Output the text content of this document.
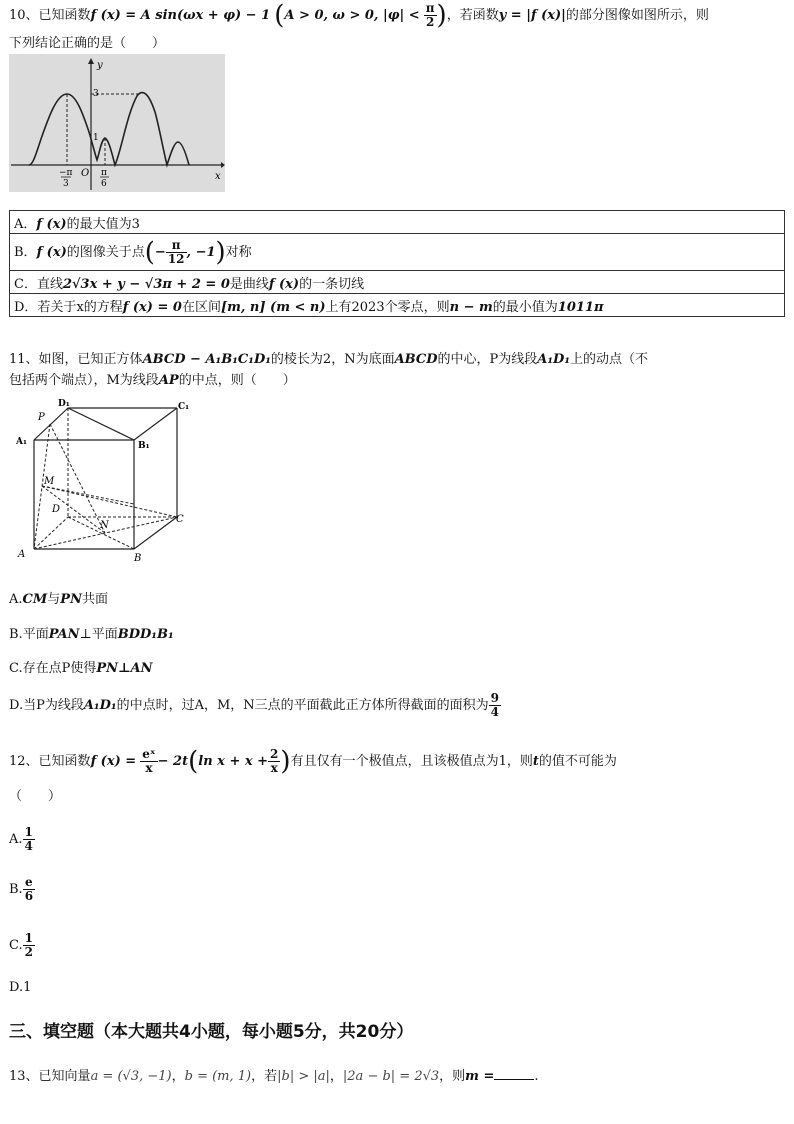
10、已知函数f (x) = A sin(ωx + φ) − 1 (A > 0, ω > 0, $|\varphi| < \frac{\pi}{2}$ )，若函数y = |f (x)|的部分图像如图所示，则
下列结论正确的是（　　）
y
x
O
3
1
−π
3
π
6
A．f (x)的最大值为3
B．f (x)的图像关于点(− $\frac{\pi}{12}$ , −1)对称
C．直线2√3x + y − √3π + 2 = 0是曲线f (x)的一条切线
D．若关于x的方程f (x) = 0在区间[m, n] (m < n)上有2023个零点，则n − m的最小值为1011π
11、如图，已知正方体ABCD − A₁B₁C₁D₁的棱长为2，N为底面ABCD的中心，P为线段A₁D₁上的动点（不
包括两个端点），M为线段AP的中点，则（　　）
P
D₁	C₁
A₁	B₁
M
D
N
C
A	B
A.CM与PN共面
B.平面PAN⊥平面BDD₁B₁
C.存在点P使得PN⊥AN
D.当P为线段A₁D₁的中点时，过A，M，N三点的平面截此正方体所得截面的面积为 $\frac{9}{4}$
12、已知函数f $(x) = \frac{\text{eˣ}}{x} - 2t(\ln$ $x + x + \frac{2}{x}$ )有且仅有一个极值点，且该极值点为1，则t的值不可能为
（　　）
A. $\frac{1}{4}$
B. $\frac{e}{6}$
C. $\frac{1}{2}$
D.1
三、填空题（本大题共4小题，每小题5分，共20分）
13、已知向量a = (√3, −1)，b = (m, 1)，若|b| > |a|，|2a − b| = 2√3，则m =	.
